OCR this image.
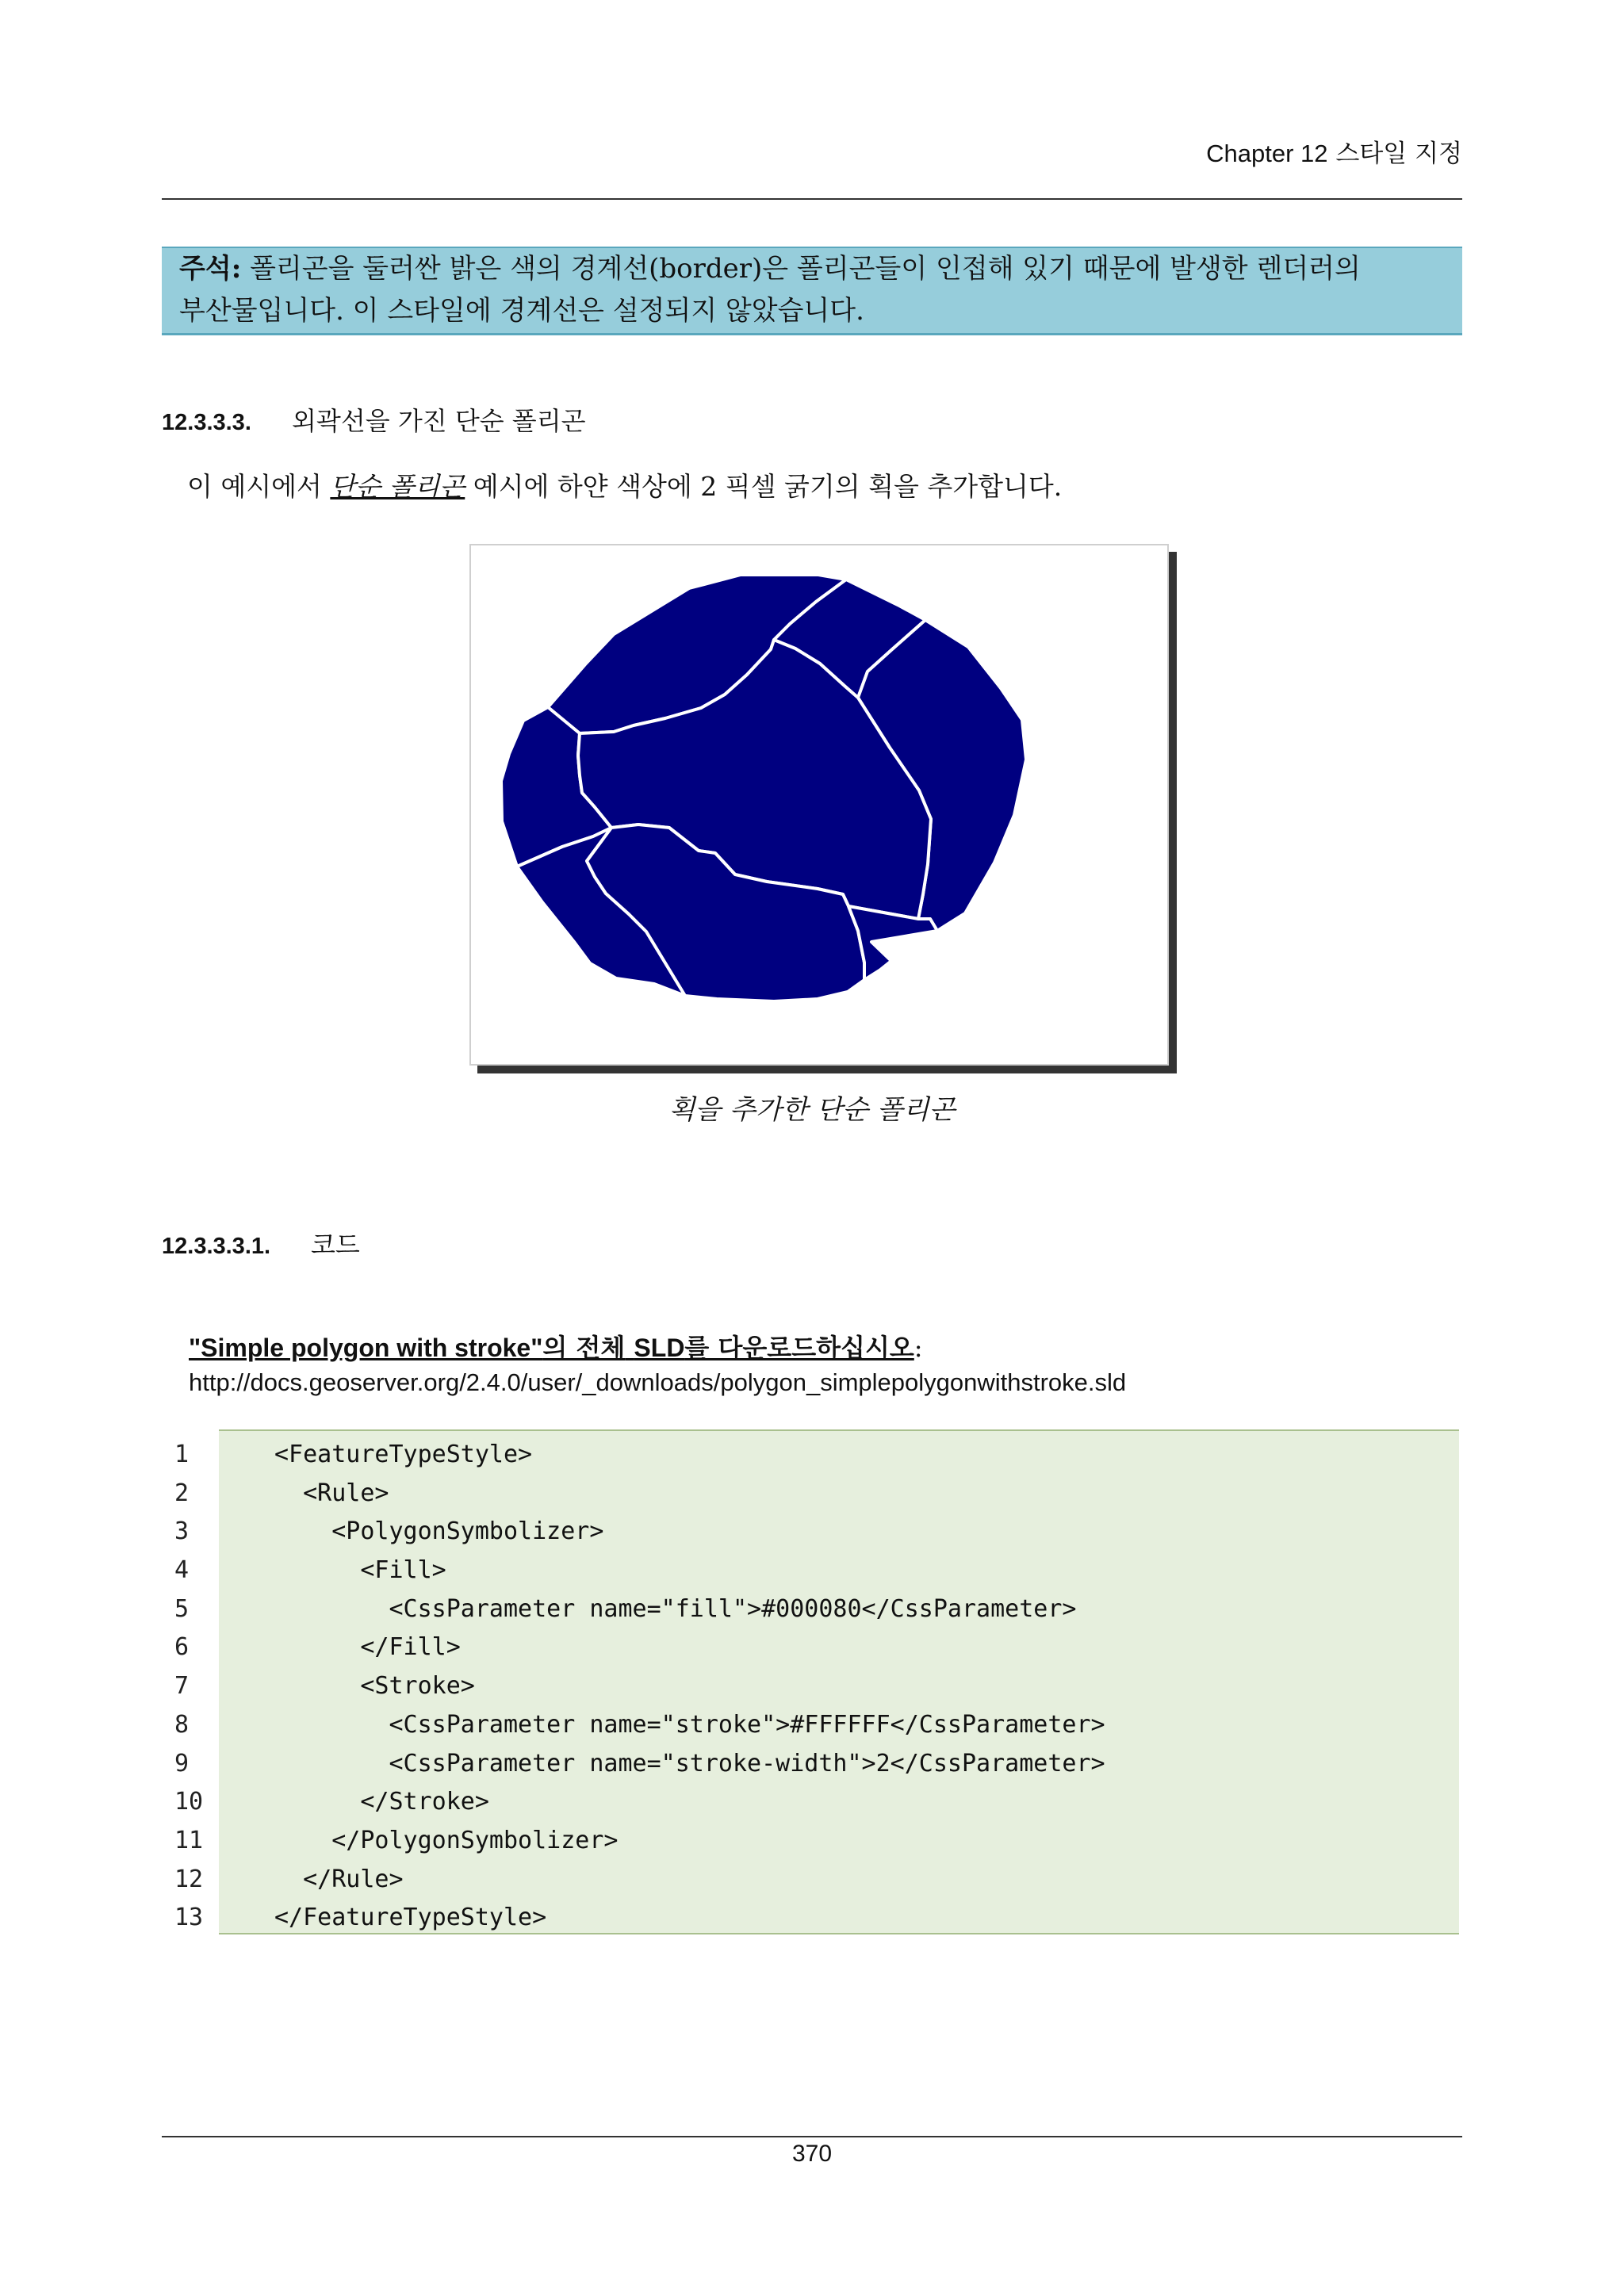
Chapter 12 스타일 지정
주석: 폴리곤을 둘러싼 밝은 색의 경계선(border)은 폴리곤들이 인접해 있기 때문에 발생한 렌더러의
부산물입니다. 이 스타일에 경계선은 설정되지 않았습니다.
12.3.3.3. 외곽선을 가진 단순 폴리곤
이 예시에서 단순 폴리곤 예시에 하얀 색상에 2 픽셀 굵기의 획을 추가합니다.
획을 추가한 단순 폴리곤
12.3.3.3.1. 코드
"Simple polygon with stroke"의 전체 SLD를 다운로드하십시오:
http://docs.geoserver.org/2.4.0/user/_downloads/polygon_simplepolygonwithstroke.sld
1	<FeatureTypeStyle>
2	<Rule>
3	<PolygonSymbolizer>
4	<Fill>
5	<CssParameter name="fill">#000080</CssParameter>
6	</Fill>
7	<Stroke>
8	<CssParameter name="stroke">#FFFFFF</CssParameter>
9	<CssParameter name="stroke-width">2</CssParameter>
10	</Stroke>
11	</PolygonSymbolizer>
12	</Rule>
13	</FeatureTypeStyle>
370
